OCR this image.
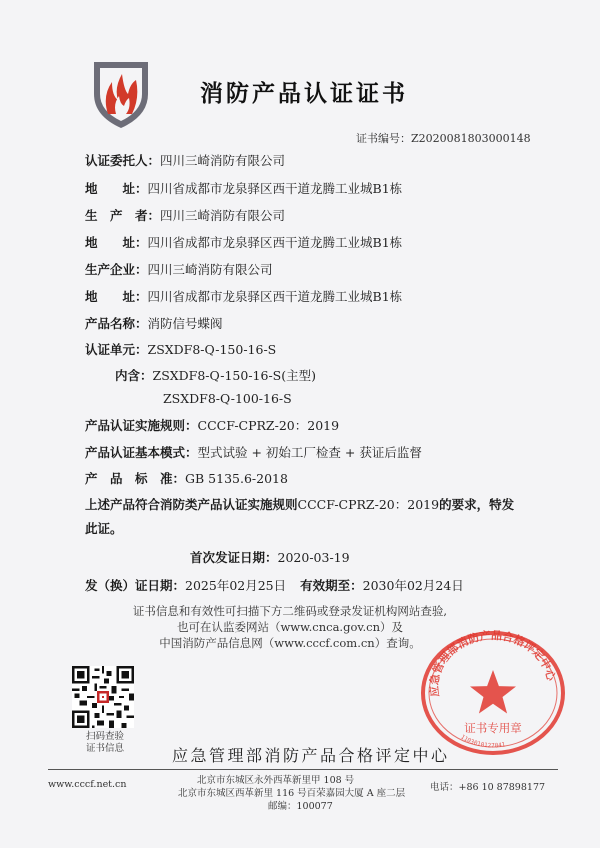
消防产品认证证书
证书编号：Z2020081803000148
认证委托人：四川三崎消防有限公司
地　　址：四川省成都市龙泉驿区西干道龙腾工业城B1栋
生　产　者：四川三崎消防有限公司
地　　址：四川省成都市龙泉驿区西干道龙腾工业城B1栋
生产企业：四川三崎消防有限公司
地　　址：四川省成都市龙泉驿区西干道龙腾工业城B1栋
产品名称：消防信号蝶阀
认证单元：ZSXDF8-Q-150-16-S
内含：ZSXDF8-Q-150-16-S(主型)
ZSXDF8-Q-100-16-S
产品认证实施规则：CCCF-CPRZ-20：2019
产品认证基本模式：型式试验 + 初始工厂检查 + 获证后监督
产　品　标　准：GB 5135.6-2018
上述产品符合消防类产品认证实施规则CCCF-CPRZ-20：2019的要求，特发此证。
首次发证日期：2020-03-19
发（换）证日期：2025年02月25日 有效期至：2030年02月24日
证书信息和有效性可扫描下方二维码或登录发证机构网站查验,
也可在认监委网站（www.cnca.gov.cn）及
中国消防产品信息网（www.cccf.com.cn）查询。
扫码查验
证书信息
应急管理部消防产品合格评定中心
证书专用章
1103010127041
应急管理部消防产品合格评定中心
www.cccf.net.cn	北京市东城区永外西革新里甲 108 号
北京市东城区西革新里 116 号百荣嘉园大厦 A 座二层
邮编：100077
电话：+86 10 87898177
